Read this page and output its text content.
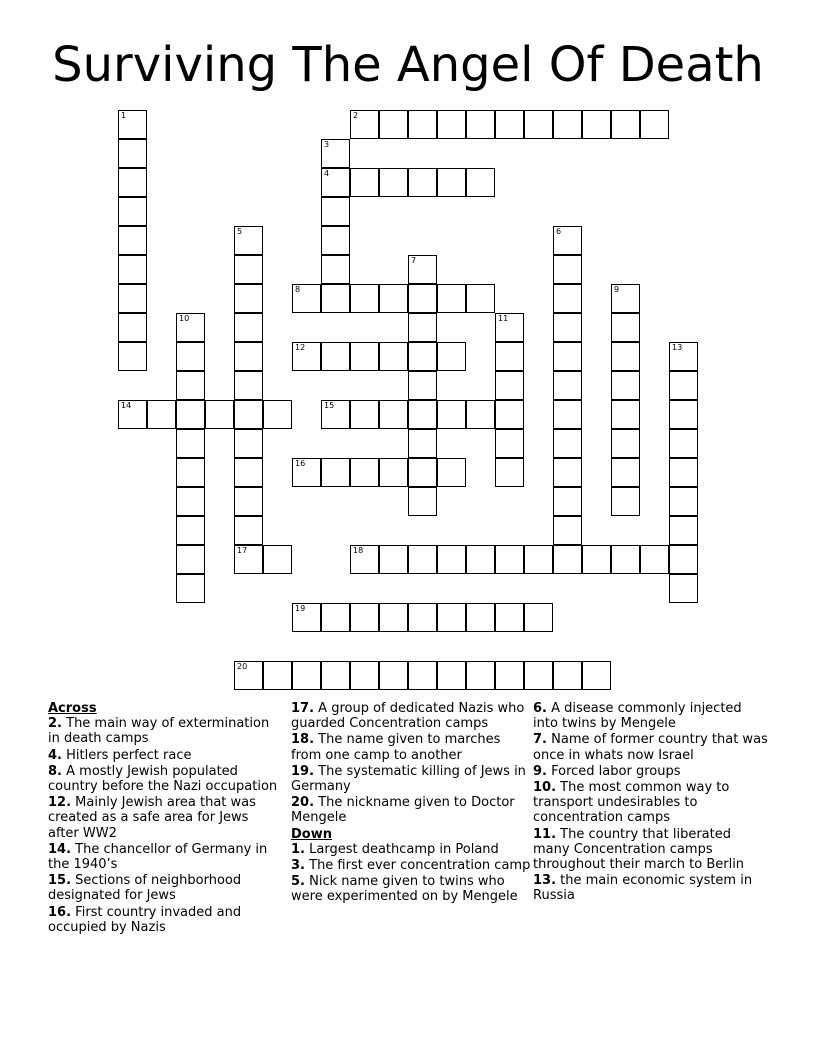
Surviving The Angel Of Death
1	2
3
4
5
17
6
7
8	9
10	11
12	13
14	15
16
18
19
20
Across
2. The main way of extermination in death camps
4. Hitlers perfect race
8. A mostly Jewish populated country before the Nazi occupation
12. Mainly Jewish area that was created as a safe area for Jews after WW2
14. The chancellor of Germany in the 1940’s
15. Sections of neighborhood designated for Jews
16. First country invaded and occupied by Nazis
17. A group of dedicated Nazis who guarded Concentration camps
18. The name given to marches from one camp to another
19. The systematic killing of Jews in Germany
20. The nickname given to Doctor Mengele
Down
1. Largest deathcamp in Poland
3. The first ever concentration camp
5. Nick name given to twins who were experimented on by Mengele
6. A disease commonly injected into twins by Mengele
7. Name of former country that was once in whats now Israel
9. Forced labor groups
10. The most common way to transport undesirables to concentration camps
11. The country that liberated many Concentration camps throughout their march to Berlin
13. the main economic system in Russia
